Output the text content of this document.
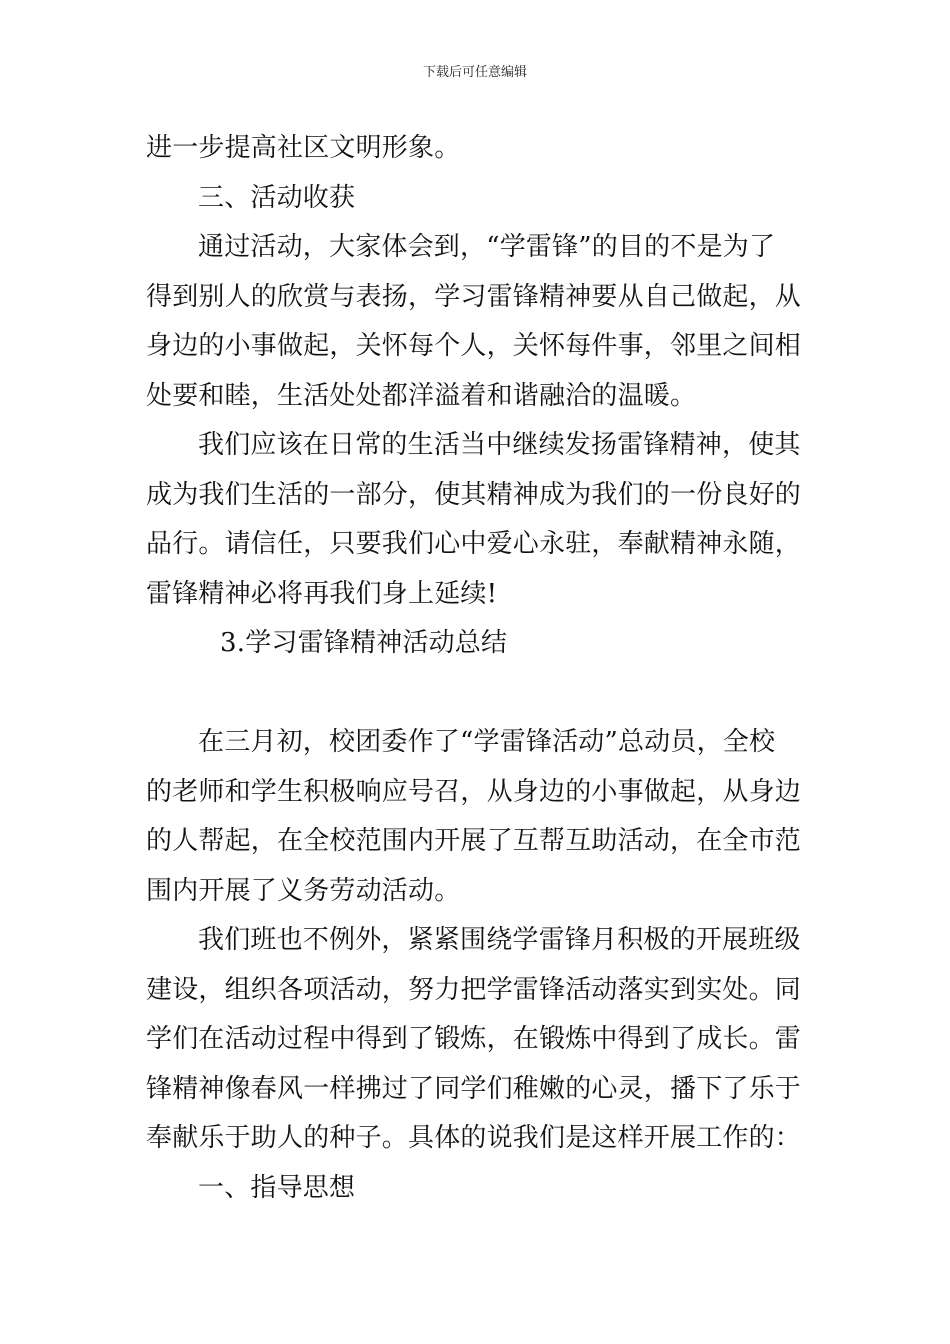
下载后可任意编辑
进一步提高社区文明形象。
三、活动收获
通过活动，大家体会到，“学雷锋”的目的不是为了
得到别人的欣赏与表扬，学习雷锋精神要从自己做起，从
身边的小事做起，关怀每个人，关怀每件事，邻里之间相
处要和睦，生活处处都洋溢着和谐融洽的温暖。
我们应该在日常的生活当中继续发扬雷锋精神，使其
成为我们生活的一部分，使其精神成为我们的一份良好的
品行。请信任，只要我们心中爱心永驻，奉献精神永随，
雷锋精神必将再我们身上延续!
3.学习雷锋精神活动总结
在三月初，校团委作了“学雷锋活动”总动员，全校
的老师和学生积极响应号召，从身边的小事做起，从身边
的人帮起，在全校范围内开展了互帮互助活动，在全市范
围内开展了义务劳动活动。
我们班也不例外，紧紧围绕学雷锋月积极的开展班级
建设，组织各项活动，努力把学雷锋活动落实到实处。同
学们在活动过程中得到了锻炼，在锻炼中得到了成长。雷
锋精神像春风一样拂过了同学们稚嫩的心灵，播下了乐于
奉献乐于助人的种子。具体的说我们是这样开展工作的：
一、指导思想
